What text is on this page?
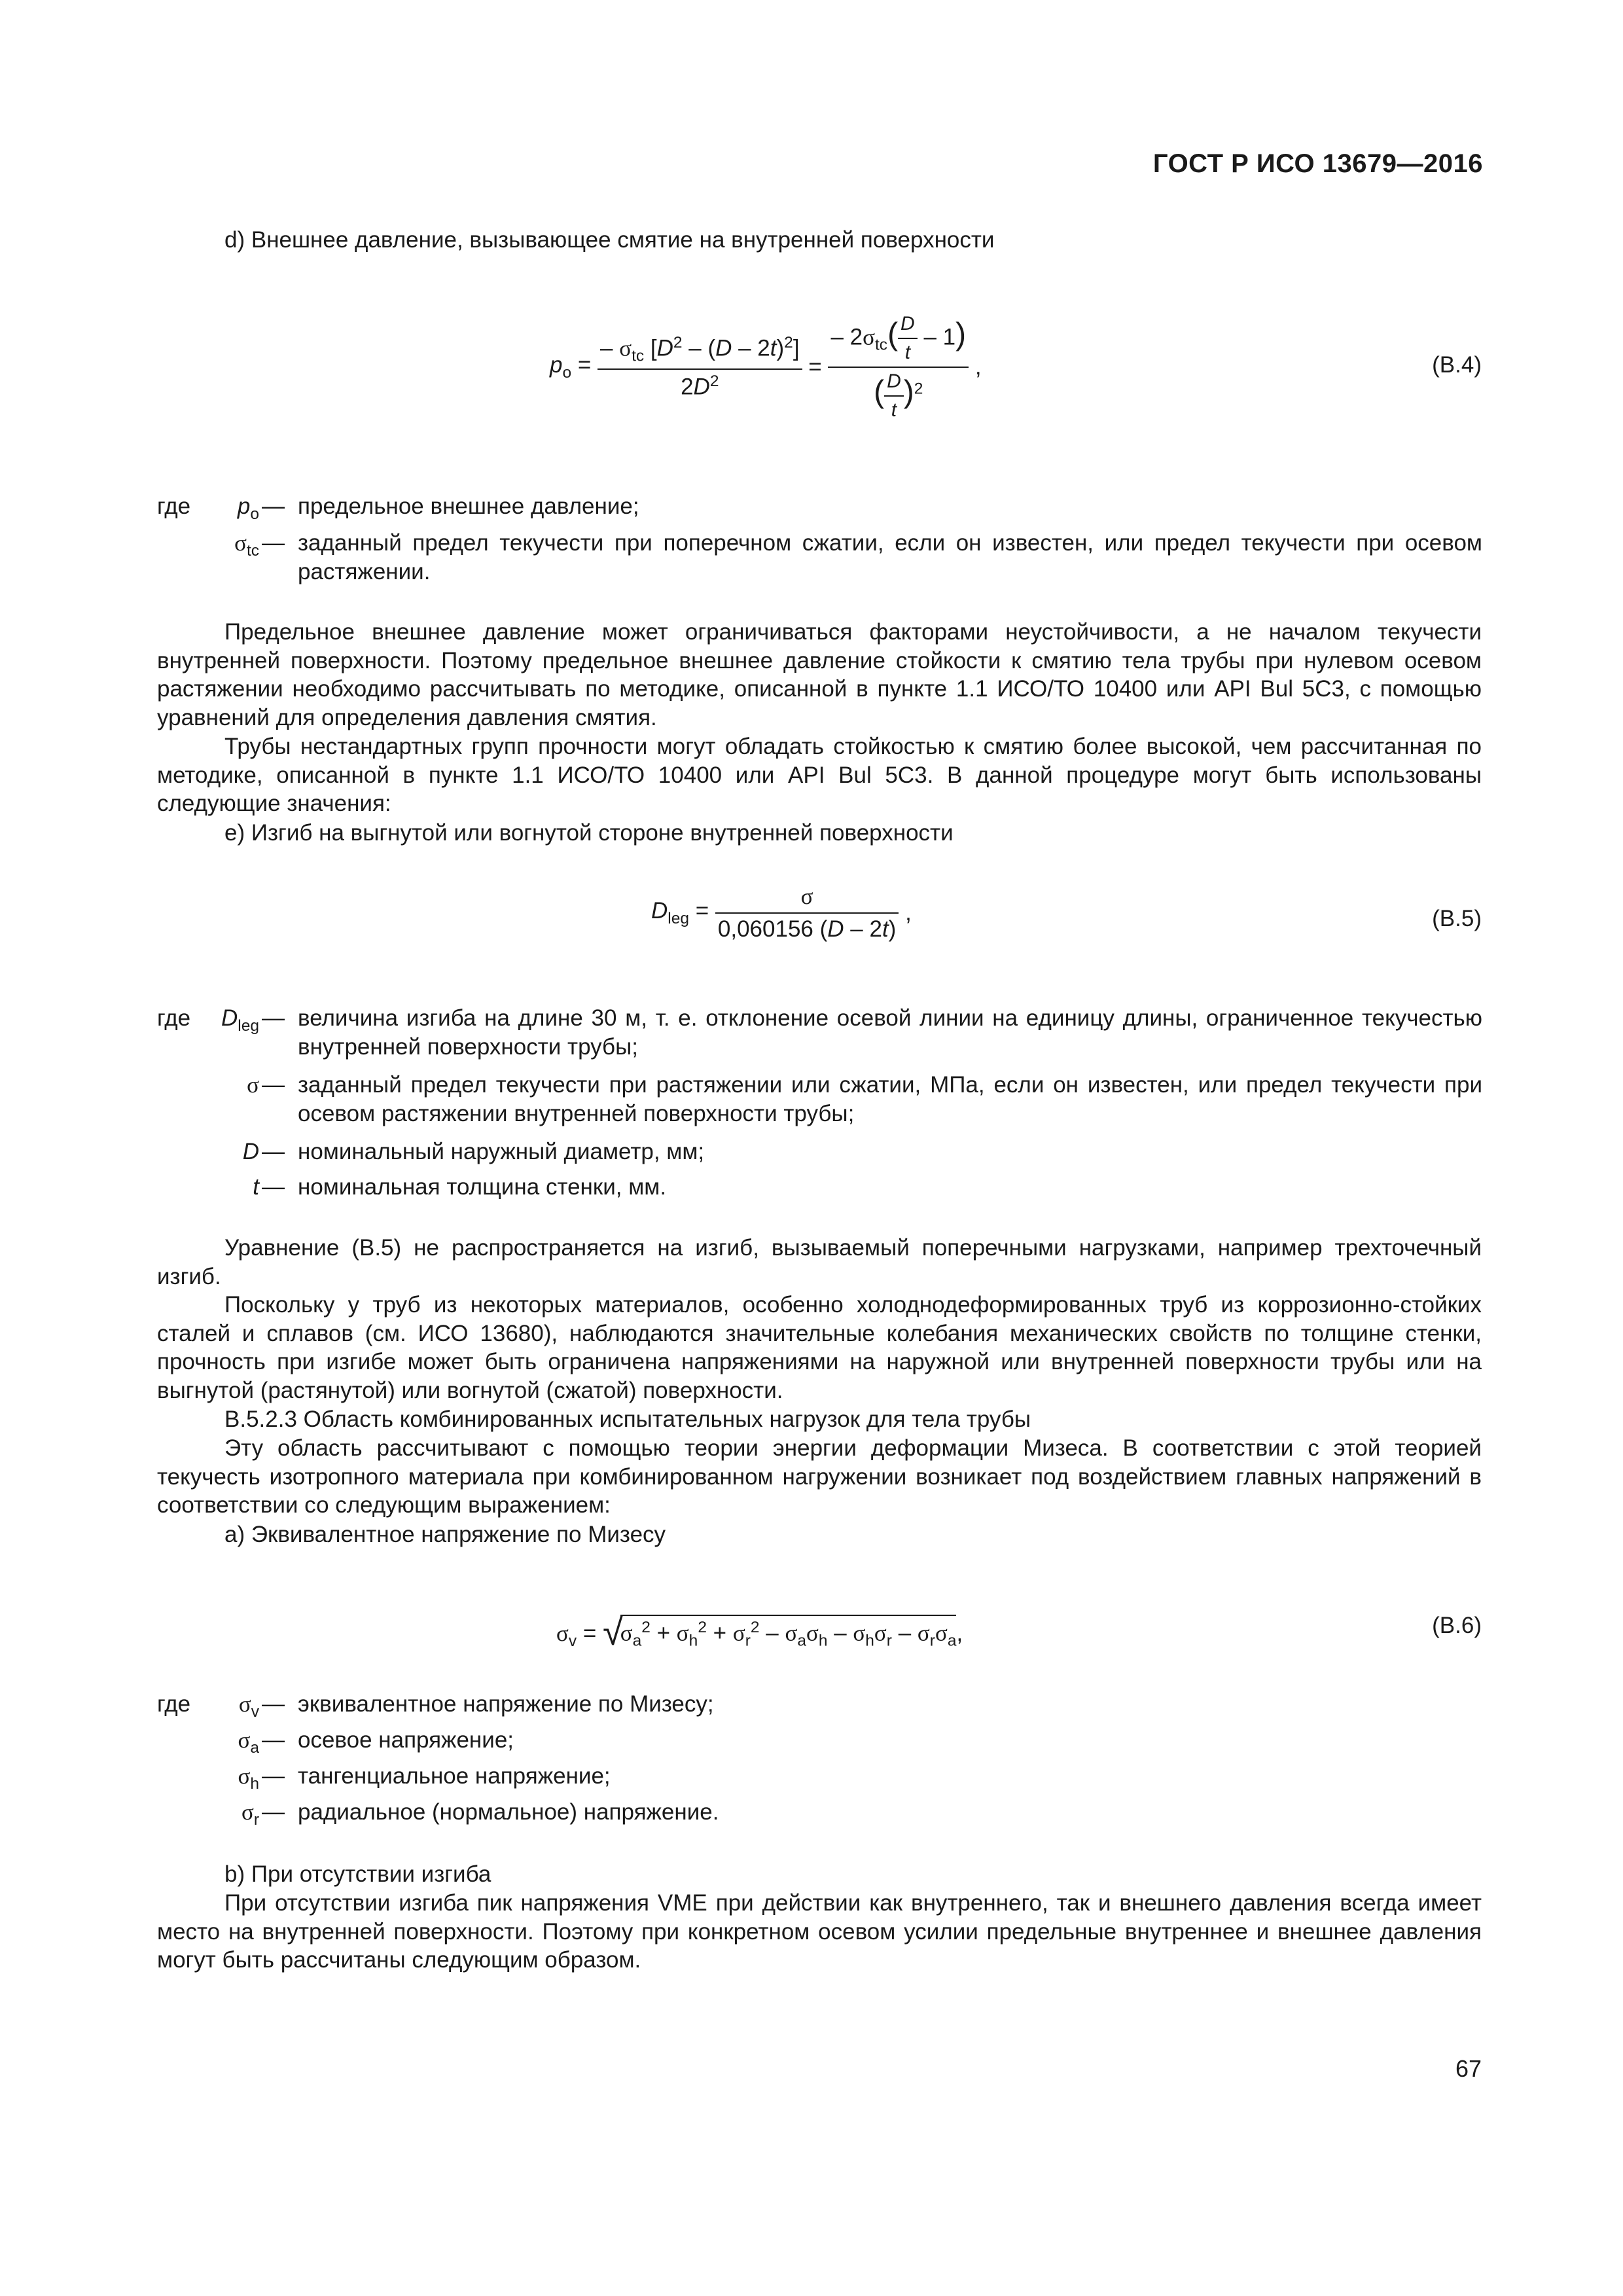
ГОСТ Р ИСО 13679—2016
d) Внешнее давление, вызывающее смятие на внутренней поверхности
$p_o = \frac{- \sigma_{tc} [D^2 - (D - 2t)^2]}{2D^2} = \frac{- 2\sigma_{tc}( \frac{D}{t} - 1)}{( \frac{D}{t} )^2}$ ,	(В.4)
где $p_o$ — предельное внешнее давление;
$\sigma_{tc}$ — заданный предел текучести при поперечном сжатии, если он известен, или предел текучести при осевом растяжении.
Предельное внешнее давление может ограничиваться факторами неустойчивости, а не началом текучести внутренней поверхности. Поэтому предельное внешнее давление стойкости к смятию тела трубы при нулевом осевом растяжении необходимо рассчитывать по методике, описанной в пункте 1.1 ИСО/ТО 10400 или API Bul 5C3, с помощью уравнений для определения давления смятия.
Трубы нестандартных групп прочности могут обладать стойкостью к смятию более высокой, чем рассчитанная по методике, описанной в пункте 1.1 ИСО/ТО 10400 или API Bul 5C3. В данной процедуре могут быть использованы следующие значения:
е) Изгиб на выгнутой или вогнутой стороне внутренней поверхности
$D_{leg} = \frac{\sigma}{0,060156 (D - 2t)}$ ,	(В.5)
где $D_{leg}$ — величина изгиба на длине 30 м, т. е. отклонение осевой линии на единицу длины, ограниченное текучестью внутренней поверхности трубы;
σ — заданный предел текучести при растяжении или сжатии, МПа, если он известен, или предел текучести при осевом растяжении внутренней поверхности трубы;
D — номинальный наружный диаметр, мм;
t — номинальная толщина стенки, мм.
Уравнение (В.5) не распространяется на изгиб, вызываемый поперечными нагрузками, например трехточечный изгиб.
Поскольку у труб из некоторых материалов, особенно холоднодеформированных труб из коррозионно-стойких сталей и сплавов (см. ИСО 13680), наблюдаются значительные колебания механических свойств по толщине стенки, прочность при изгибе может быть ограничена напряжениями на наружной или внутренней поверхности трубы или на выгнутой (растянутой) или вогнутой (сжатой) поверхности.
В.5.2.3 Область комбинированных испытательных нагрузок для тела трубы
Эту область рассчитывают с помощью теории энергии деформации Мизеса. В соответствии с этой теорией текучесть изотропного материала при комбинированном нагружении возникает под воздействием главных напряжений в соответствии со следующим выражением:
а) Эквивалентное напряжение по Мизесу
$\sigma_v = √\sigma_a^2 + \sigma_h^2 + \sigma_r^2 - \sigma_a\sigma_h - \sigma_h\sigma_r - \sigma_r\sigma_a$,	(В.6)
где $\sigma_v$ — эквивалентное напряжение по Мизесу;
$\sigma_a$ — осевое напряжение;
$\sigma_h$ — тангенциальное напряжение;
$\sigma_r$ — радиальное (нормальное) напряжение.
b) При отсутствии изгиба
При отсутствии изгиба пик напряжения VME при действии как внутреннего, так и внешнего давления всегда имеет место на внутренней поверхности. Поэтому при конкретном осевом усилии предельные внутреннее и внешнее давления могут быть рассчитаны следующим образом.
67
